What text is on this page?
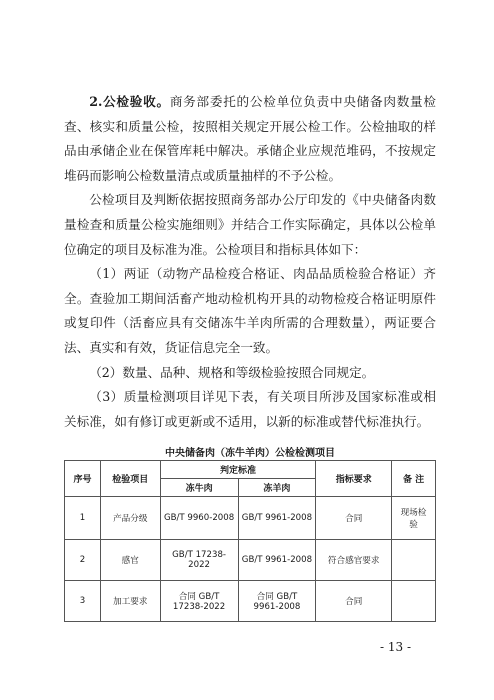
2.公检验收。商务部委托的公检单位负责中央储备肉数量检查、核实和质量公检，按照相关规定开展公检工作。公检抽取的样品由承储企业在保管库耗中解决。承储企业应规范堆码，不按规定堆码而影响公检数量清点或质量抽样的不予公检。

公检项目及判断依据按照商务部办公厅印发的《中央储备肉数量检查和质量公检实施细则》并结合工作实际确定，具体以公检单位确定的项目及标准为准。公检项目和指标具体如下：

（1）两证（动物产品检疫合格证、肉品品质检验合格证）齐全。查验加工期间活畜产地动检机构开具的动物检疫合格证明原件或复印件（活畜应具有交储冻牛羊肉所需的合理数量），两证要合法、真实和有效，货证信息完全一致。

（2）数量、品种、规格和等级检验按照合同规定。

（3）质量检测项目详见下表，有关项目所涉及国家标准或相关标准，如有修订或更新或不适用，以新的标准或替代标准执行。

中央储备肉（冻牛羊肉）公检检测项目
序号	检验项目	判定标准		指标要求	备 注
		冻牛肉	冻羊肉		
1	产品分级	GB/T 9960-2008	GB/T 9961-2008	合同	现场检验
2	感官	GB/T 17238-2022	GB/T 9961-2008	符合感官要求	
3	加工要求	合同 GB/T 17238-2022	合同 GB/T 9961-2008	合同	
- 13 -
